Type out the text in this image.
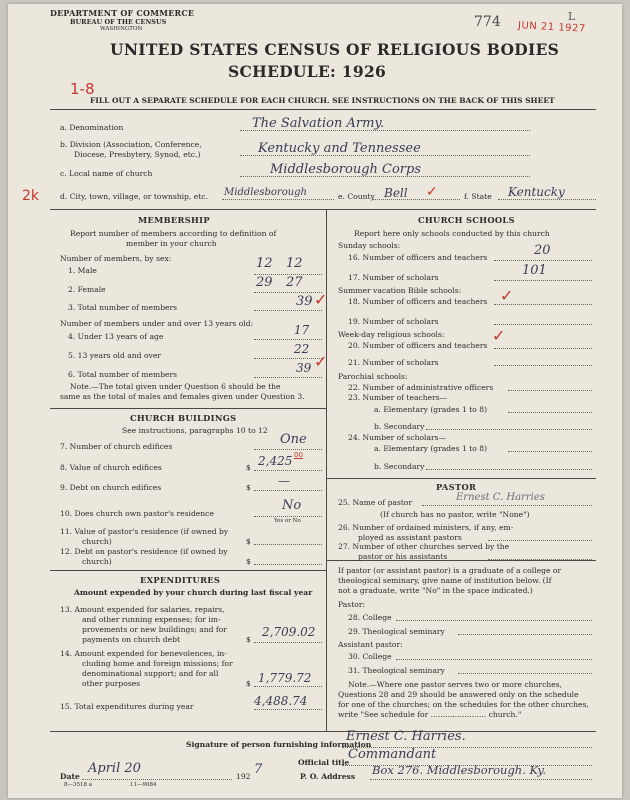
DEPARTMENT OF COMMERCE
BUREAU OF THE CENSUS
WASHINGTON	774 JUN 21 1927
L
UNITED STATES CENSUS OF RELIGIOUS BODIES
SCHEDULE: 1926
1-8
FILL OUT A SEPARATE SCHEDULE FOR EACH CHURCH. SEE INSTRUCTIONS ON THE BACK OF THIS SHEET
a. Denomination	The Salvation Army.
b. Division (Association, Conference,
Diocese, Presbytery, Synod, etc.)	Kentucky and Tennessee
c. Local name of church	Middlesborough Corps
2k	d. City, town, village, or township, etc. Middlesborough	e. County Bell ✓	f. State Kentucky
MEMBERSHIP
Report number of members according to definition of
member in your church
Number of members, by sex:
1. Male	12 12
2. Female	29 27
3. Total number of members	39 ✓
Number of members under and over 13 years old:
4. Under 13 years of age	17
5. 13 years old and over	22
6. Total number of members	39 ✓
Note.—The total given under Question 6 should be the
same as the total of males and females given under Question 3.
CHURCH BUILDINGS
See instructions, paragraphs 10 to 12
7. Number of church edifices	One
8. Value of church edifices	$ 2,425 00
9. Debt on church edifices	$ —
10. Does church own pastor's residence
No
Yes or No
11. Value of pastor's residence (if owned by
church)	$
12. Debt on pastor's residence (if owned by
church)	$
EXPENDITURES
Amount expended by your church during last fiscal year
13. Amount expended for salaries, repairs,
and other running expenses; for im-
provements or new buildings; and for
payments on church debt	$
2,709.02
14. Amount expended for benevolences, in-
cluding home and foreign missions; for
denominational support; and for all
other purposes	$ 1,779.72
15. Total expenditures during year	4,488.74
CHURCH SCHOOLS
Report here only schools conducted by this church
Sunday schools:
16. Number of officers and teachers	20
17. Number of scholars	101
Summer vacation Bible schools:
18. Number of officers and teachers ✓
19. Number of scholars
Week-day religious schools:
20. Number of officers and teachers
✓
21. Number of scholars
Parochial schools:
22. Number of administrative officers
23. Number of teachers—
a. Elementary (grades 1 to 8)
b. Secondary
24. Number of scholars—
a. Elementary (grades 1 to 8)
b. Secondary
PASTOR
25. Name of pastor	Ernest C. Harries
(If church has no pastor, write "None")
26. Number of ordained ministers, if any, em-
ployed as assistant pastors
27. Number of other churches served by the
pastor or his assistants
If pastor (or assistant pastor) is a graduate of a college or
theological seminary, give name of institution below. (If
not a graduate, write "No" in the space indicated.)
Pastor:
28. College
29. Theological seminary
Assistant pastor:
30. College
31. Theological seminary
Note.—Where one pastor serves two or more churches,
Questions 28 and 29 should be answered only on the schedule
for one of the churches; on the schedules for the other churches,
write "See schedule for ....................... church."
Signature of person furnishing information
Ernest C. Harries.
Official title
Commandant
Date
April 20
192 7
8—3518 a	11—9084
P. O. Address Box 276. Middlesborough. Ky.
